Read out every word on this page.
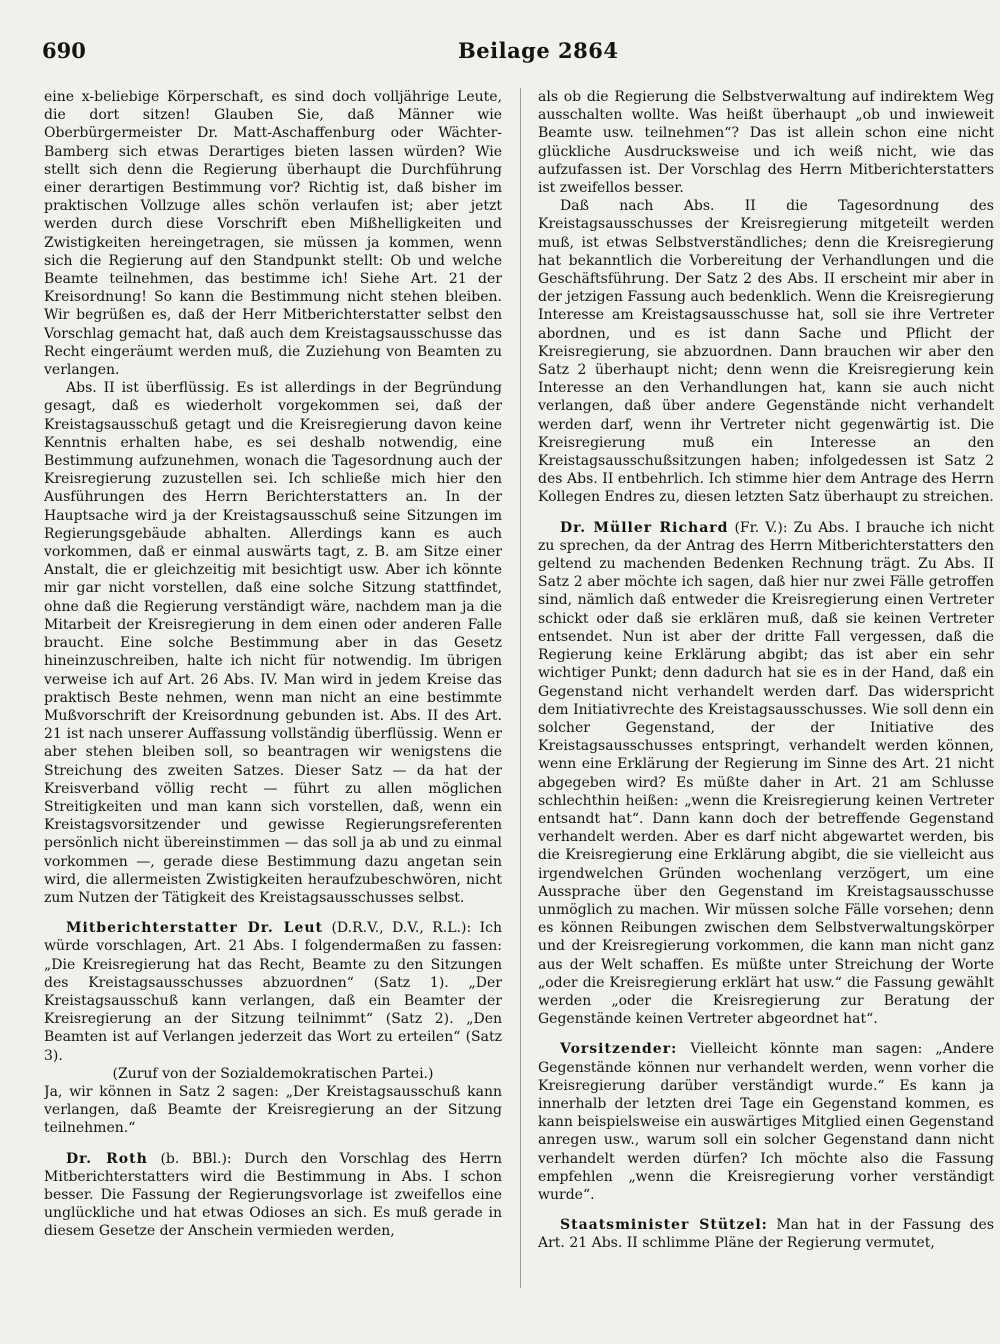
690	Beilage 2864

eine x-beliebige Körperschaft, es sind doch volljährige Leute, die dort sitzen! Glauben Sie, daß Männer wie Oberbürgermeister Dr. Matt-Aschaffenburg oder Wächter-Bamberg sich etwas Derartiges bieten lassen würden? Wie stellt sich denn die Regierung überhaupt die Durchführung einer derartigen Bestimmung vor? Richtig ist, daß bisher im praktischen Vollzuge alles schön verlaufen ist; aber jetzt werden durch diese Vorschrift eben Mißhelligkeiten und Zwistigkeiten hereingetragen, sie müssen ja kommen, wenn sich die Regierung auf den Standpunkt stellt: Ob und welche Beamte teilnehmen, das bestimme ich! Siehe Art. 21 der Kreisordnung! So kann die Bestimmung nicht stehen bleiben. Wir begrüßen es, daß der Herr Mitberichterstatter selbst den Vorschlag gemacht hat, daß auch dem Kreistagsausschusse das Recht eingeräumt werden muß, die Zuziehung von Beamten zu verlangen.

Abs. II ist überflüssig. Es ist allerdings in der Begründung gesagt, daß es wiederholt vorgekommen sei, daß der Kreistagsausschuß getagt und die Kreisregierung davon keine Kenntnis erhalten habe, es sei deshalb notwendig, eine Bestimmung aufzunehmen, wonach die Tagesordnung auch der Kreisregierung zuzustellen sei. Ich schließe mich hier den Ausführungen des Herrn Berichterstatters an. In der Hauptsache wird ja der Kreistagsausschuß seine Sitzungen im Regierungsgebäude abhalten. Allerdings kann es auch vorkommen, daß er einmal auswärts tagt, z. B. am Sitze einer Anstalt, die er gleichzeitig mit besichtigt usw. Aber ich könnte mir gar nicht vorstellen, daß eine solche Sitzung stattfindet, ohne daß die Regierung verständigt wäre, nachdem man ja die Mitarbeit der Kreisregierung in dem einen oder anderen Falle braucht. Eine solche Bestimmung aber in das Gesetz hineinzuschreiben, halte ich nicht für notwendig. Im übrigen verweise ich auf Art. 26 Abs. IV. Man wird in jedem Kreise das praktisch Beste nehmen, wenn man nicht an eine bestimmte Mußvorschrift der Kreisordnung gebunden ist. Abs. II des Art. 21 ist nach unserer Auffassung vollständig überflüssig. Wenn er aber stehen bleiben soll, so beantragen wir wenigstens die Streichung des zweiten Satzes. Dieser Satz — da hat der Kreisverband völlig recht — führt zu allen möglichen Streitigkeiten und man kann sich vorstellen, daß, wenn ein Kreistagsvorsitzender und gewisse Regierungsreferenten persönlich nicht übereinstimmen — das soll ja ab und zu einmal vorkommen —, gerade diese Bestimmung dazu angetan sein wird, die allermeisten Zwistigkeiten heraufzubeschwören, nicht zum Nutzen der Tätigkeit des Kreistagsausschusses selbst.

Mitberichterstatter Dr. Leut (D.R.V., D.V., R.L.): Ich würde vorschlagen, Art. 21 Abs. I folgendermaßen zu fassen: „Die Kreisregierung hat das Recht, Beamte zu den Sitzungen des Kreistagsausschusses abzuordnen“ (Satz 1). „Der Kreistagsausschuß kann verlangen, daß ein Beamter der Kreisregierung an der Sitzung teilnimmt“ (Satz 2). „Den Beamten ist auf Verlangen jederzeit das Wort zu erteilen“ (Satz 3).

(Zuruf von der Sozialdemokratischen Partei.)

Ja, wir können in Satz 2 sagen: „Der Kreistagsausschuß kann verlangen, daß Beamte der Kreisregierung an der Sitzung teilnehmen.“

Dr. Roth (b. BBl.): Durch den Vorschlag des Herrn Mitberichterstatters wird die Bestimmung in Abs. I schon besser. Die Fassung der Regierungsvorlage ist zweifellos eine unglückliche und hat etwas Odioses an sich. Es muß gerade in diesem Gesetze der Anschein vermieden werden,

als ob die Regierung die Selbstverwaltung auf indirektem Weg ausschalten wollte. Was heißt überhaupt „ob und inwieweit Beamte usw. teilnehmen“? Das ist allein schon eine nicht glückliche Ausdrucksweise und ich weiß nicht, wie das aufzufassen ist. Der Vorschlag des Herrn Mitberichterstatters ist zweifellos besser.

Daß nach Abs. II die Tagesordnung des Kreistagsausschusses der Kreisregierung mitgeteilt werden muß, ist etwas Selbstverständliches; denn die Kreisregierung hat bekanntlich die Vorbereitung der Verhandlungen und die Geschäftsführung. Der Satz 2 des Abs. II erscheint mir aber in der jetzigen Fassung auch bedenklich. Wenn die Kreisregierung Interesse am Kreistagsausschusse hat, soll sie ihre Vertreter abordnen, und es ist dann Sache und Pflicht der Kreisregierung, sie abzuordnen. Dann brauchen wir aber den Satz 2 überhaupt nicht; denn wenn die Kreisregierung kein Interesse an den Verhandlungen hat, kann sie auch nicht verlangen, daß über andere Gegenstände nicht verhandelt werden darf, wenn ihr Vertreter nicht gegenwärtig ist. Die Kreisregierung muß ein Interesse an den Kreistagsausschußsitzungen haben; infolgedessen ist Satz 2 des Abs. II entbehrlich. Ich stimme hier dem Antrage des Herrn Kollegen Endres zu, diesen letzten Satz überhaupt zu streichen.

Dr. Müller Richard (Fr. V.): Zu Abs. I brauche ich nicht zu sprechen, da der Antrag des Herrn Mitberichterstatters den geltend zu machenden Bedenken Rechnung trägt. Zu Abs. II Satz 2 aber möchte ich sagen, daß hier nur zwei Fälle getroffen sind, nämlich daß entweder die Kreisregierung einen Vertreter schickt oder daß sie erklären muß, daß sie keinen Vertreter entsendet. Nun ist aber der dritte Fall vergessen, daß die Regierung keine Erklärung abgibt; das ist aber ein sehr wichtiger Punkt; denn dadurch hat sie es in der Hand, daß ein Gegenstand nicht verhandelt werden darf. Das widerspricht dem Initiativrechte des Kreistagsausschusses. Wie soll denn ein solcher Gegenstand, der der Initiative des Kreistagsausschusses entspringt, verhandelt werden können, wenn eine Erklärung der Regierung im Sinne des Art. 21 nicht abgegeben wird? Es müßte daher in Art. 21 am Schlusse schlechthin heißen: „wenn die Kreisregierung keinen Vertreter entsandt hat“. Dann kann doch der betreffende Gegenstand verhandelt werden. Aber es darf nicht abgewartet werden, bis die Kreisregierung eine Erklärung abgibt, die sie vielleicht aus irgendwelchen Gründen wochenlang verzögert, um eine Aussprache über den Gegenstand im Kreistagsausschusse unmöglich zu machen. Wir müssen solche Fälle vorsehen; denn es können Reibungen zwischen dem Selbstverwaltungskörper und der Kreisregierung vorkommen, die kann man nicht ganz aus der Welt schaffen. Es müßte unter Streichung der Worte „oder die Kreisregierung erklärt hat usw.“ die Fassung gewählt werden „oder die Kreisregierung zur Beratung der Gegenstände keinen Vertreter abgeordnet hat“.

Vorsitzender: Vielleicht könnte man sagen: „Andere Gegenstände können nur verhandelt werden, wenn vorher die Kreisregierung darüber verständigt wurde.“ Es kann ja innerhalb der letzten drei Tage ein Gegenstand kommen, es kann beispielsweise ein auswärtiges Mitglied einen Gegenstand anregen usw., warum soll ein solcher Gegenstand dann nicht verhandelt werden dürfen? Ich möchte also die Fassung empfehlen „wenn die Kreisregierung vorher verständigt wurde“.

Staatsminister Stützel: Man hat in der Fassung des Art. 21 Abs. II schlimme Pläne der Regierung vermutet,
